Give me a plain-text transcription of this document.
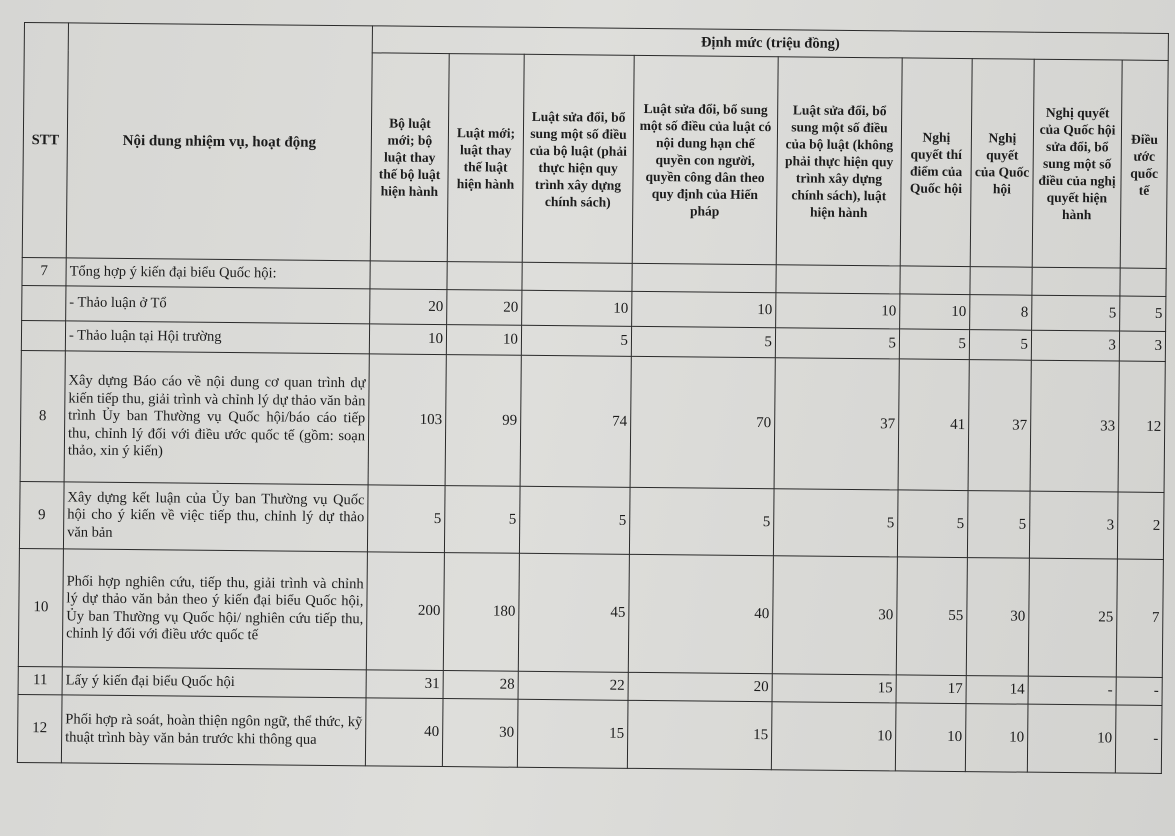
STT	Nội dung nhiệm vụ, hoạt động	Định mức (triệu đồng)								
		Bộ luật mới; bộ luật thay thế bộ luật hiện hành	Luật mới; luật thay thế luật hiện hành	Luật sửa đổi, bổ sung một số điều của bộ luật (phải thực hiện quy trình xây dựng chính sách)	Luật sửa đổi, bổ sung một số điều của luật có nội dung hạn chế quyền con người, quyền công dân theo quy định của Hiến pháp	Luật sửa đổi, bổ sung một số điều của bộ luật (không phải thực hiện quy trình xây dựng chính sách), luật hiện hành	Nghị quyết thí điểm của Quốc hội	Nghị quyết của Quốc hội	Nghị quyết của Quốc hội sửa đổi, bổ sung một số điều của nghị quyết hiện hành	Điều ước quốc tế
7	Tổng hợp ý kiến đại biểu Quốc hội:									
	- Thảo luận ở Tổ	20	20	10	10	10	10	8	5	5
	- Thảo luận tại Hội trường	10	10	5	5	5	5	5	3	3
8	Xây dựng Báo cáo về nội dung cơ quan trình dự kiến tiếp thu, giải trình và chỉnh lý dự thảo văn bản trình Ủy ban Thường vụ Quốc hội/báo cáo tiếp thu, chỉnh lý đối với điều ước quốc tế (gồm: soạn thảo, xin ý kiến)	103	99	74	70	37	41	37	33	12
9	Xây dựng kết luận của Ủy ban Thường vụ Quốc hội cho ý kiến về việc tiếp thu, chỉnh lý dự thảo văn bản	5	5	5	5	5	5	5	3	2
10	Phối hợp nghiên cứu, tiếp thu, giải trình và chỉnh lý dự thảo văn bản theo ý kiến đại biểu Quốc hội, Ủy ban Thường vụ Quốc hội/ nghiên cứu tiếp thu, chỉnh lý đối với điều ước quốc tế	200	180	45	40	30	55	30	25	7
11	Lấy ý kiến đại biểu Quốc hội	31	28	22	20	15	17	14	-	-
12	Phối hợp rà soát, hoàn thiện ngôn ngữ, thể thức, kỹ thuật trình bày văn bản trước khi thông qua	40	30	15	15	10	10	10	10	-
